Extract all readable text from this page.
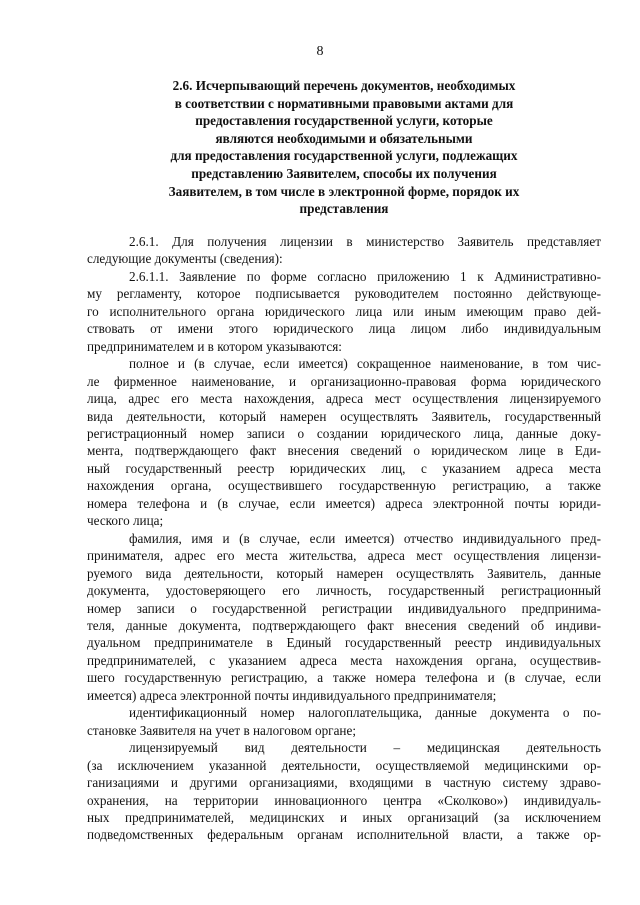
8
2.6. Исчерпывающий перечень документов, необходимых
в соответствии с нормативными правовыми актами для
предоставления государственной услуги, которые
являются необходимыми и обязательными
для предоставления государственной услуги, подлежащих
представлению Заявителем, способы их получения
Заявителем, в том числе в электронной форме, порядок их
представления

2.6.1. Для получения лицензии в министерство Заявитель представляет
следующие документы (сведения):

2.6.1.1. Заявление по форме согласно приложению 1 к Административно-
му регламенту, которое подписывается руководителем постоянно действующе-
го исполнительного органа юридического лица или иным имеющим право дей-
ствовать от имени этого юридического лица лицом либо индивидуальным
предпринимателем и в котором указываются:

полное и (в случае, если имеется) сокращенное наименование, в том чис-
ле фирменное наименование, и организационно-правовая форма юридического
лица, адрес его места нахождения, адреса мест осуществления лицензируемого
вида деятельности, который намерен осуществлять Заявитель, государственный
регистрационный номер записи о создании юридического лица, данные доку-
мента, подтверждающего факт внесения сведений о юридическом лице в Еди-
ный государственный реестр юридических лиц, с указанием адреса места
нахождения органа, осуществившего государственную регистрацию, а также
номера телефона и (в случае, если имеется) адреса электронной почты юриди-
ческого лица;

фамилия, имя и (в случае, если имеется) отчество индивидуального пред-
принимателя, адрес его места жительства, адреса мест осуществления лицензи-
руемого вида деятельности, который намерен осуществлять Заявитель, данные
документа, удостоверяющего его личность, государственный регистрационный
номер записи о государственной регистрации индивидуального предпринима-
теля, данные документа, подтверждающего факт внесения сведений об индиви-
дуальном предпринимателе в Единый государственный реестр индивидуальных
предпринимателей, с указанием адреса места нахождения органа, осуществив-
шего государственную регистрацию, а также номера телефона и (в случае, если
имеется) адреса электронной почты индивидуального предпринимателя;

идентификационный номер налогоплательщика, данные документа о по-
становке Заявителя на учет в налоговом органе;

лицензируемый вид деятельности – медицинская деятельность
(за исключением указанной деятельности, осуществляемой медицинскими ор-
ганизациями и другими организациями, входящими в частную систему здраво-
охранения, на территории инновационного центра «Сколково») индивидуаль-
ных предпринимателей, медицинских и иных организаций (за исключением
подведомственных федеральным органам исполнительной власти, а также ор-
